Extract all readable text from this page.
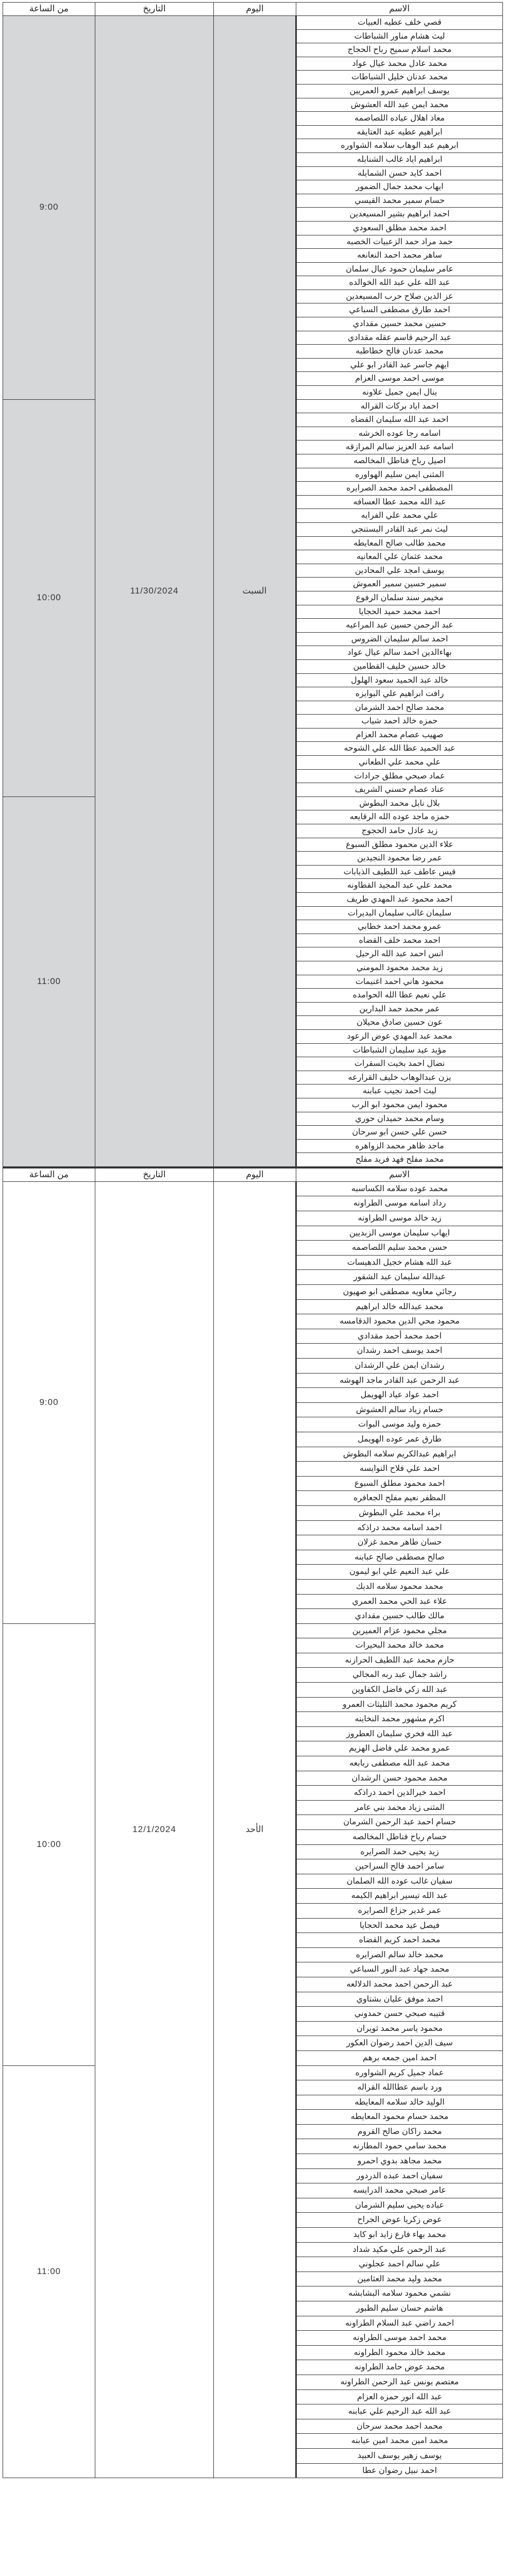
من الساعة	التاريخ	اليوم	الاسم
9:00	11/30/2024	السبت	قصي خلف عطيه العبيات
			ليث هشام مناور الشباطات
			محمد اسلام سميح رباح الحجاج
			محمد عادل محمد عيال عواد
			محمد عدنان خليل الشباطات
			يوسف ابراهيم عمرو العمريين
			محمد ايمن عبد الله العشوش
			معاذ اهلال عياده اللصاصمه
			ابراهيم عطيه عبد العتايقه
			ابرهيم عبد الوهاب سلامه الشواوره
			ابراهيم اياد غالب الشنابله
			احمد كايد حسن الشمايله
			ايهاب محمد جمال الضمور
			حسام سمير محمد القيسي
			احمد ابراهيم بشير المسيعدين
			احمد محمد مطلق السعودي
			حمد مراد حمد الزعبيات الخصبه
			ساهر محمد احمد النعانعه
			عامر سليمان حمود عيال سلمان
			عبد الله علي عبد الله الخوالده
			عز الدين صلاح حرب المسيعدين
			احمد طارق مصطفى السباعي
			حسين محمد حسين مقدادي
			عبد الرحيم قاسم عقله مقدادي
			محمد عدنان فالح خطاطبه
			ايهم جاسر عبد القادر ابو علي
			موسى احمد موسى العزام
			ينال ايمن جميل علاونه
10:00			احمد اياد بركات القراله
			احمد عبد الله سليمان القضاه
			اسامه رجا عوده الخرشه
			اسامه عبد العزيز سالم المرازقه
			اصيل رباح فناطل المخالصه
			المثنى ايمن سليم الهواوره
			المصطفى احمد محمد الصرايره
			عبد الله محمد عطا العسافه
			علي محمد علي الفرايه
			ليث نمر عبد القادر البستنجي
			محمد طالب صالح المعايطه
			محمد عثمان علي المعانيه
			يوسف امجد علي المحادين
			سمير حسين سمير العموش
			مخيمر سند سلمان الرفوع
			احمد محمد حميد الحجايا
			عبد الرحمن حسين عبد المراعيه
			احمد سالم سليمان الضروس
			بهاءالدين احمد سالم عيال عواد
			خالد حسين خليف القطامين
			خالد عبد الحميد سعود الهلول
			رافت ابراهيم علي البوايزه
			محمد صالح احمد الشرمان
			حمزه خالد احمد شياب
			صهيب عصام محمد العزام
			عبد الحميد عطا الله علي الشوحه
			علي محمد علي الطعاني
			عماد صبحي مطلق جرادات
			عناد عصام حسني الشريف
11:00			بلال نايل محمد البطوش
			حمزه ماجد عوده الله الرقايعه
			زيد عادل حامد الحجوج
			علاء الدين محمود مطلق السبوع
			عمر رضا محمود النجيدين
			قيس عاطف عبد اللطيف الذيابات
			محمد علي عبد المجيد القطاونه
			احمد محمود عبد المهدي طريف
			سليمان غالب سليمان البديرات
			عمرو محمد احمد خطابي
			احمد محمد خلف القضاه
			انس احمد عبد الله الرحيل
			زيد محمد محمود المومني
			محمود هاني احمد اغنيمات
			علي نعيم عطا الله الحوامده
			عمر محمد حمد البدارين
			عون حسين صادق محيلان
			محمد عبد المهدي عوض الرعود
			مؤيد عيد سليمان الشباطات
			نضال احمد بخيت السقرات
			يزن عبدالوهاب خليف القرارعه
			ليث احمد نجيب عبابنه
			محمود ايمن محمود ابو الرب
			وسام محمد حميدان حوري
			حسن علي حسن ابو سرحان
			ماجد ظاهر محمد الزواهره
			محمد مفلح فهد فريد مفلح
من الساعة	التاريخ	اليوم	الاسم
9:00	12/1/2024	الأحد	محمد عوده سلامه الكساسبه
			رداد اسامه موسى الطراونه
			زيد خالد موسى الطراونه
			ايهاب سليمان موسى الزبديين
			حسن محمد سليم اللصاصمه
			عبد الله هشام خجيل الدهيسات
			عبدالله سليمان عبد الشقور
			رجائي معاويه مصطفى ابو صهيون
			محمد عبدالله خالد ابراهيم
			محمود محي الدين محمود الدقامسه
			احمد محمد أحمد مقدادي
			احمد يوسف احمد رشدان
			رشدان ايمن علي الرشدان
			عبد الرحمن عبد القادر ماجد الهوشه
			احمد عواد عياد الهويمل
			حسام زياد سالم العشوش
			حمزه وليد موسى البوات
			طارق عمر عوده الهويمل
			ابراهيم عبدالكريم سلامه البطوش
			احمد علي فلاح النوايسه
			احمد محمود مطلق السبوع
			المظفر نعيم مفلح الجعافره
			براء محمد علي البطوش
			احمد اسامه محمد دراذكه
			حسان طاهر محمد غزلان
			صالح مصطفى صالح عبابنه
			علي عبد النعيم علي ابو ليمون
			محمد محمود سلامه الديك
			علاء عبد الحي محمد العمري
			مالك طالب حسين مقدادي
10:00			مجلي محمود عزام العميرين
			محمد خالد محمد البحيرات
			حازم محمد عبد اللطيف الحرازنه
			راشد جمال عبد ربه المجالي
			عبد الله زكي فاضل الكفاوين
			كريم محمود محمد الثليثات العمرو
			اكرم مشهور محمد النخاينه
			عبد الله فخري سليمان العطروز
			عمرو محمد علي فاضل الهزيم
			محمد عبد الله مصطفى ربابعه
			محمد محمود حسن الرشدان
			احمد خيرالدين احمد دراذكه
			المثنى زياد محمد بني عامر
			حسام احمد عبد الرحمن الشرمان
			حسام رباح فناطل المخالصه
			زيد يحيى حمد الصرايره
			سامر احمد فالح السراحين
			سفيان غالب عوده الله الصلمان
			عبد الله تيسير ابراهيم الكيمه
			عمر غدير جزاع الصرايره
			فيصل عيد محمد الحجايا
			محمد احمد كريم القضاه
			محمد خالد سالم الصرايره
			محمد جهاد عبد النور السباعي
			عبد الرحمن احمد محمد الدلالعه
			احمد موفق عليان بشتاوي
			قتيبه صبحي حسن حمدوني
			محمود ياسر محمد ثويران
			سيف الدين احمد رضوان العكور
			احمد امين جمعه برهم
11:00			عماد جميل كريم الشواوره
			ورد باسم عطاالله القراله
			الوليد خالد سلامه المعايطه
			محمد حسام محمود المعايطه
			محمد راكان صالح القروم
			محمد سامي حمود المطارنه
			محمد مجاهد بدوي احمرو
			سفيان احمد عبده الدردور
			عامر صبحي محمد الدرايسه
			عباده يحيى سليم الشرمان
			عوض زكريا عوض الجراح
			محمد بهاء فارع زايد ابو كايد
			عبد الرحمن علي مكيد شداد
			علي سالم احمد عجلوني
			محمد وليد محمد العثامين
			نشمي محمود سلامه البشابشه
			هاشم حسان سليم الطبور
			احمد راضي عبد السلام الطراونه
			محمد احمد موسى الطراونه
			محمد خالد محمود الطراونه
			محمد عوض حامد الطراونه
			معتصم يونس عبد الرحمن الطراونه
			عبد الله انور حمزه العزام
			عبد الله عبد الرحيم علي عبابنه
			محمد احمد محمد سرحان
			محمد امين محمد امين عبابنه
			يوسف زهير يوسف العبيد
			احمد نبيل رضوان عطا
